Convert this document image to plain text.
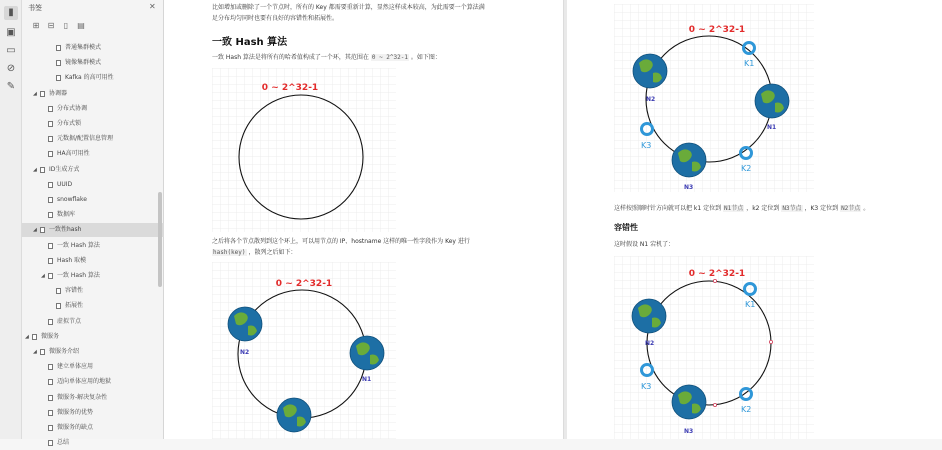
▮
▣
▭
⊘
✎
书签	✕
⊞	⊟	▯	▤
普通集群模式
镜像集群模式
Kafka 的高可用性
◢ 协调器
分布式协调
分布式锁
元数据/配置信息管理
HA高可用性
◢ ID生成方式
UUID
snowflake
数据库
◢ 一致性hash
一致 Hash 算法
Hash 取模
◢ 一致 Hash 算法
容错性
拓展性
虚拟节点
◢ 微服务
◢ 微服务介绍
建立单体应用
迈向单体应用的地狱
微服务-解决复杂性
微服务的优势
微服务的缺点
总结
比如增加或删除了一个节点时，所有的 Key 都需要重新计算，显然这样成本较高，为此需要一个算法满
足分布均匀同时也要有良好的容错性和拓展性。
一致 Hash 算法
一致 Hash 算法是将所有的哈希值构成了一个环，其范围在 0 ~ 2^32-1 。如下图：
0 ~ 2^32-1
之后将各个节点散列到这个环上，可以用节点的 IP、hostname 这样的唯一性字段作为 Key 进行
hash(key) ，散列之后如下：
0 ~ 2^32-1
N2
N1
0 ~ 2^32-1
N2
N1
N3
K1
K2
K3
这样按照顺时针方向就可以把 k1 定位到 N1节点 ，k2 定位到 N3节点 ，K3 定位到 N2节点 。
容错性
这时假设 N1 宕机了：
0 ~ 2^32-1
N2
N3
K1
K2
K3
